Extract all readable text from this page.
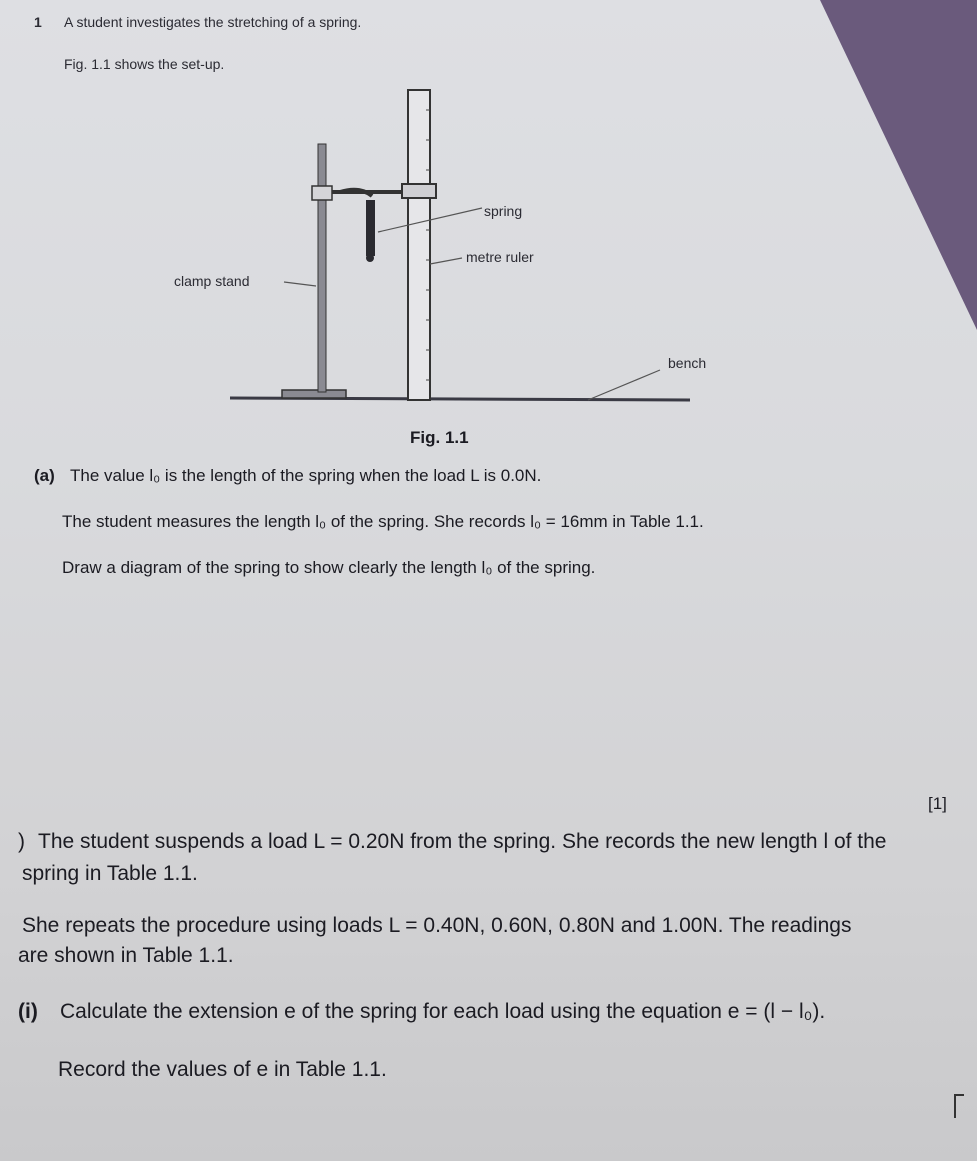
1 A student investigates the stretching of a spring.
Fig. 1.1 shows the set-up.
spring
metre ruler
clamp stand
bench
Fig. 1.1
(a) The value l₀ is the length of the spring when the load L is 0.0N.
The student measures the length l₀ of the spring. She records l₀ = 16mm in Table 1.1.
Draw a diagram of the spring to show clearly the length l₀ of the spring.
[1]
) The student suspends a load L = 0.20N from the spring. She records the new length l of the
spring in Table 1.1.
She repeats the procedure using loads L = 0.40N, 0.60N, 0.80N and 1.00N. The readings
are shown in Table 1.1.
(i) Calculate the extension e of the spring for each load using the equation e = (l − l₀).
Record the values of e in Table 1.1.
